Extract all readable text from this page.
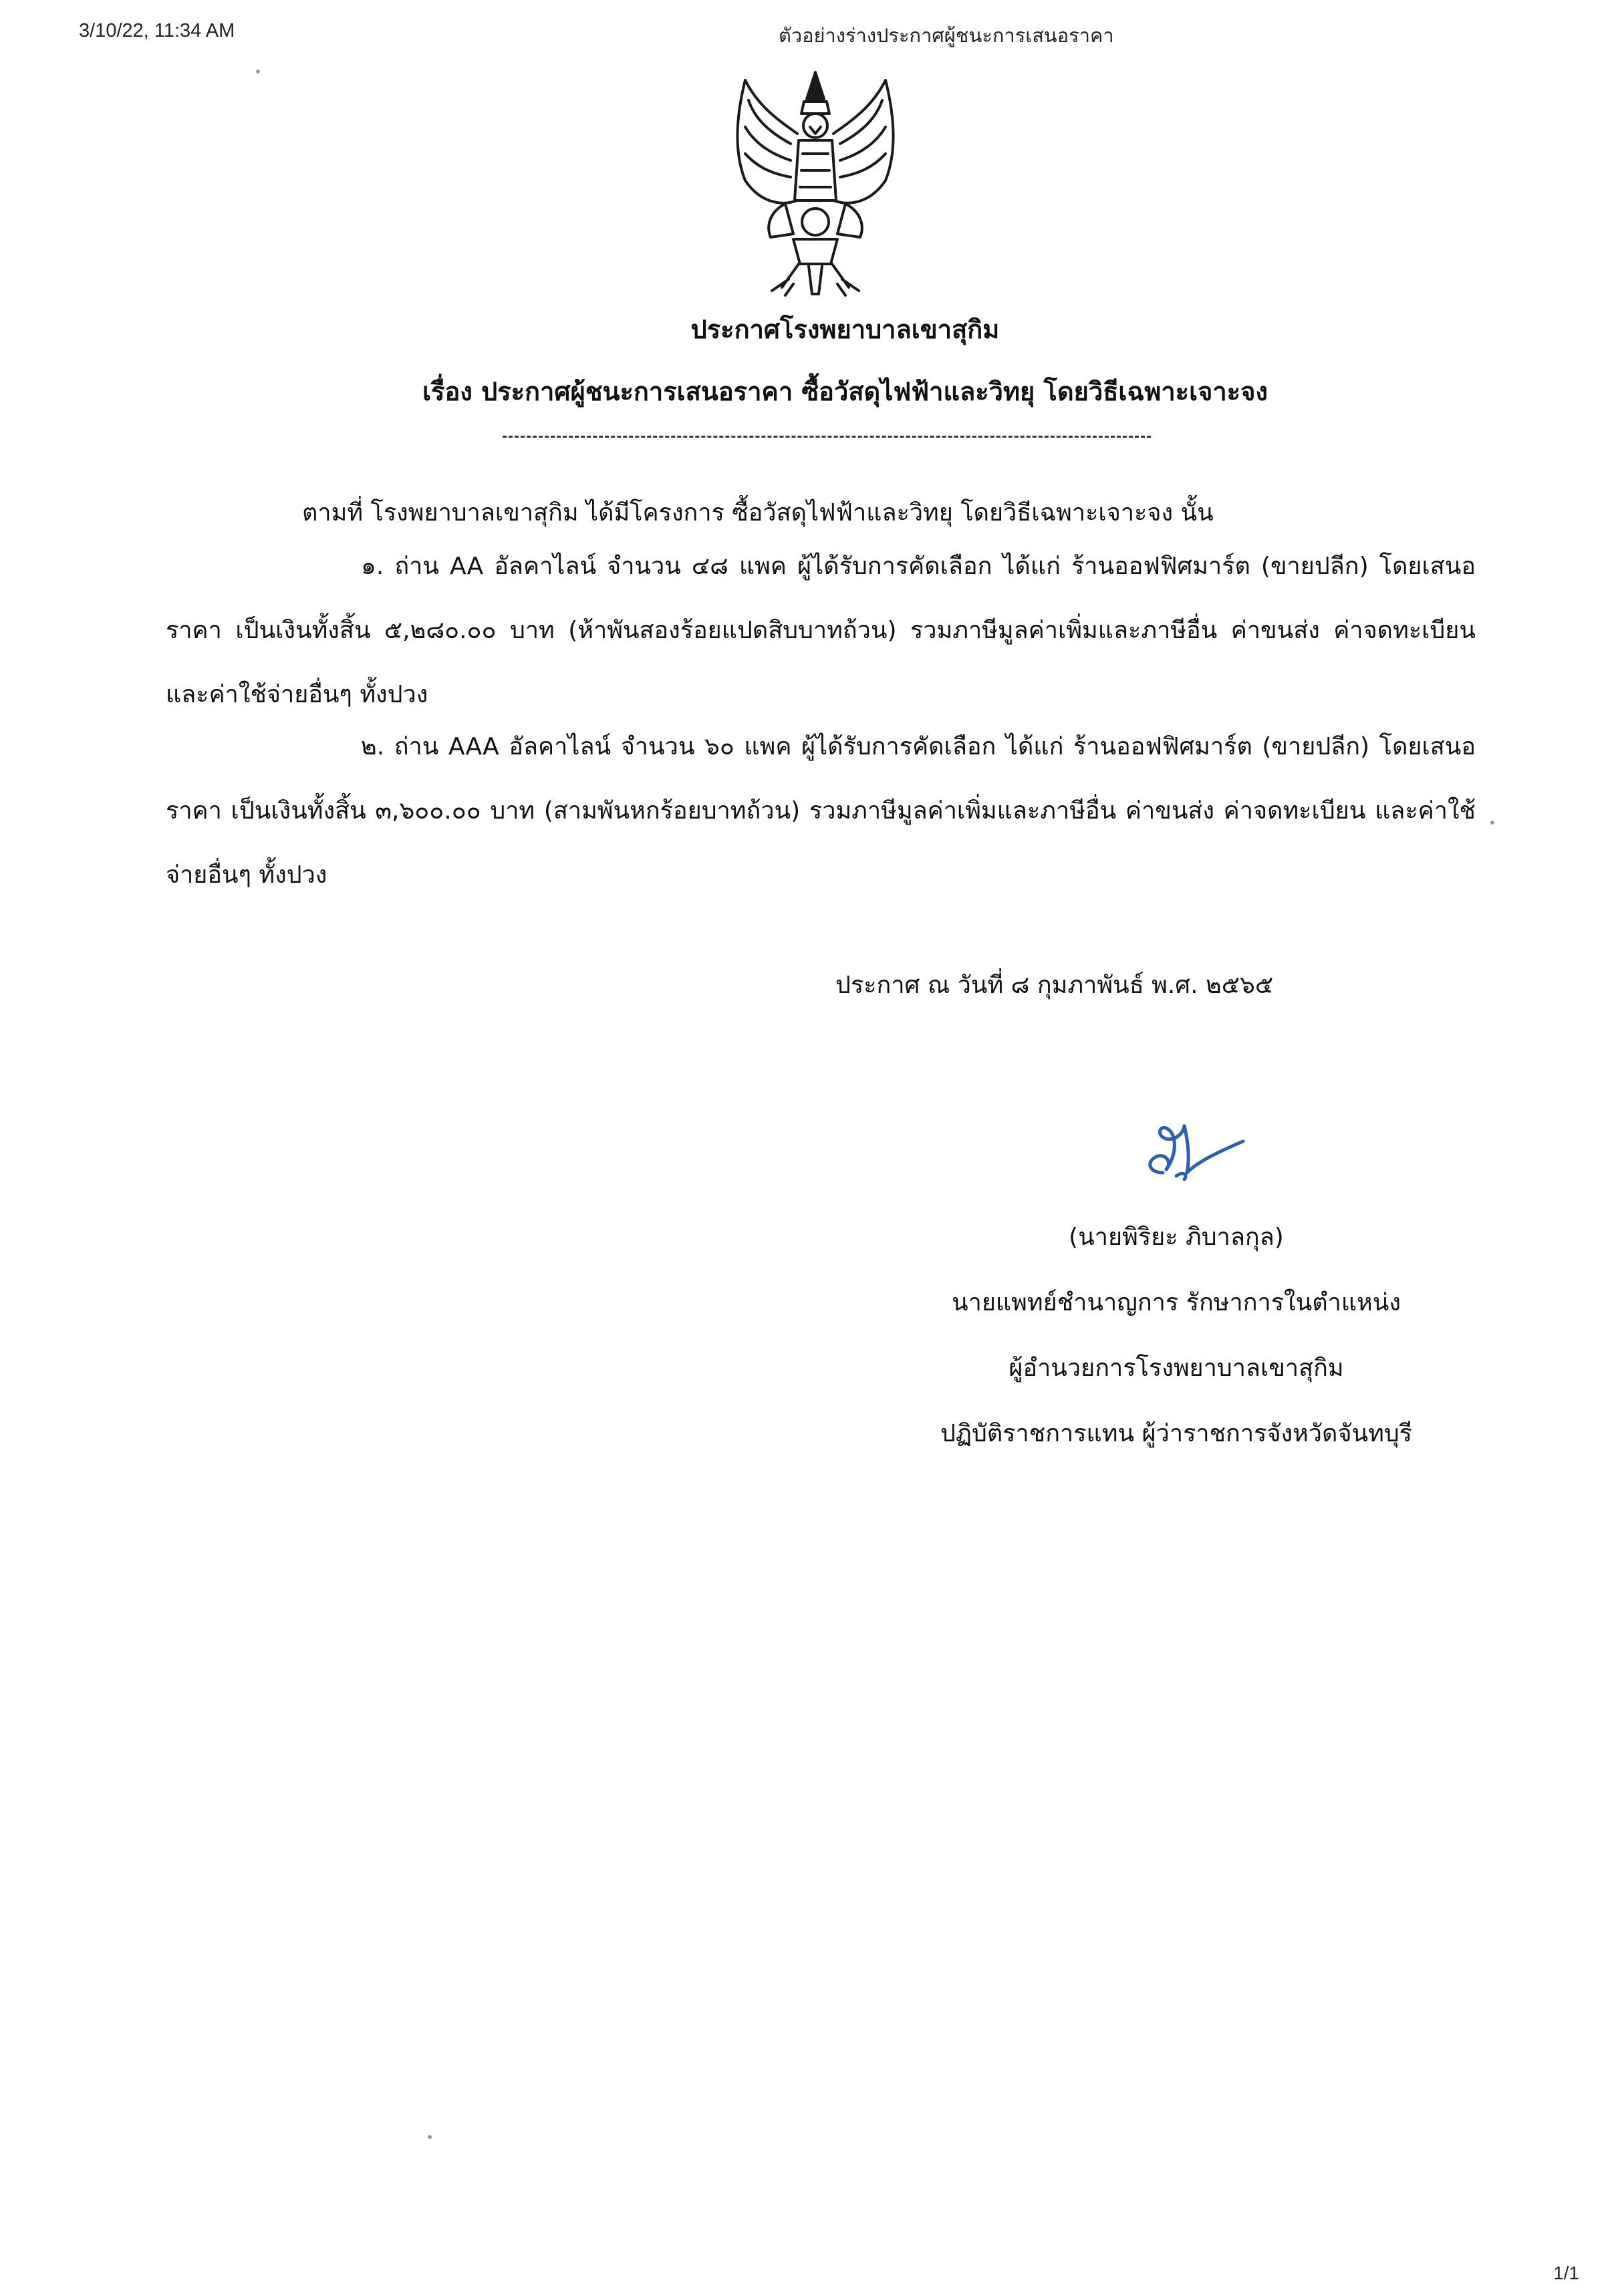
3/10/22, 11:34 AM	ตัวอย่างร่างประกาศผู้ชนะการเสนอราคา
ประกาศโรงพยาบาลเขาสุกิม
เรื่อง ประกาศผู้ชนะการเสนอราคา ซื้อวัสดุไฟฟ้าและวิทยุ โดยวิธีเฉพาะเจาะจง
ตามที่ โรงพยาบาลเขาสุกิม ได้มีโครงการ ซื้อวัสดุไฟฟ้าและวิทยุ โดยวิธีเฉพาะเจาะจง นั้น
๑. ถ่าน AA อัลคาไลน์ จำนวน ๔๘ แพค ผู้ได้รับการคัดเลือก ได้แก่ ร้านออฟฟิศมาร์ต (ขายปลีก) โดยเสนอราคา เป็นเงินทั้งสิ้น ๕,๒๘๐.๐๐ บาท (ห้าพันสองร้อยแปดสิบบาทถ้วน) รวมภาษีมูลค่าเพิ่มและภาษีอื่น ค่าขนส่ง ค่าจดทะเบียน และค่าใช้จ่ายอื่นๆ ทั้งปวง
๒. ถ่าน AAA อัลคาไลน์ จำนวน ๖๐ แพค ผู้ได้รับการคัดเลือก ได้แก่ ร้านออฟฟิศมาร์ต (ขายปลีก) โดยเสนอราคา เป็นเงินทั้งสิ้น ๓,๖๐๐.๐๐ บาท (สามพันหกร้อยบาทถ้วน) รวมภาษีมูลค่าเพิ่มและภาษีอื่น ค่าขนส่ง ค่าจดทะเบียน และค่าใช้จ่ายอื่นๆ ทั้งปวง
ประกาศ ณ วันที่ ๘ กุมภาพันธ์ พ.ศ. ๒๕๖๕
(นายพิริยะ ภิบาลกุล)
นายแพทย์ชำนาญการ รักษาการในตำแหน่ง
ผู้อำนวยการโรงพยาบาลเขาสุกิม
ปฏิบัติราชการแทน ผู้ว่าราชการจังหวัดจันทบุรี
1/1
